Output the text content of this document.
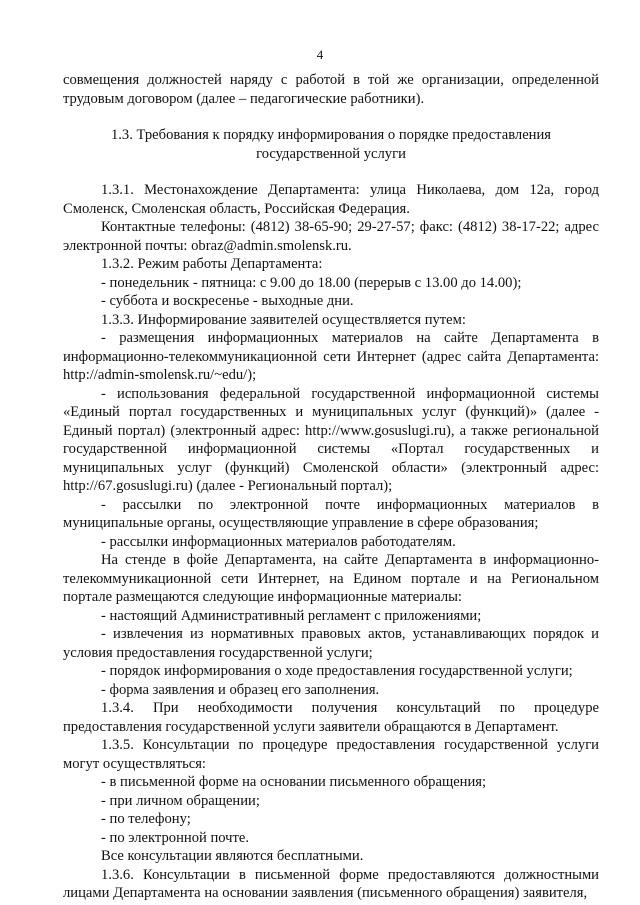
4

совмещения должностей наряду с работой в той же организации, определенной трудовым договором (далее – педагогические работники).

1.3. Требования к порядку информирования о порядке предоставления государственной услуги

1.3.1. Местонахождение Департамента: улица Николаева, дом 12а, город Смоленск, Смоленская область, Российская Федерация.

Контактные телефоны: (4812) 38-65-90; 29-27-57; факс: (4812) 38-17-22; адрес электронной почты: obraz@admin.smolensk.ru.

1.3.2. Режим работы Департамента:

- понедельник - пятница: с 9.00 до 18.00 (перерыв с 13.00 до 14.00);

- суббота и воскресенье - выходные дни.

1.3.3. Информирование заявителей осуществляется путем:

- размещения информационных материалов на сайте Департамента в информационно-телекоммуникационной сети Интернет (адрес сайта Департамента: http://admin-smolensk.ru/~edu/);

- использования федеральной государственной информационной системы «Единый портал государственных и муниципальных услуг (функций)» (далее - Единый портал) (электронный адрес: http://www.gosuslugi.ru), а также региональной государственной информационной системы «Портал государственных и муниципальных услуг (функций) Смоленской области» (электронный адрес: http://67.gosuslugi.ru) (далее - Региональный портал);

- рассылки по электронной почте информационных материалов в муниципальные органы, осуществляющие управление в сфере образования;

- рассылки информационных материалов работодателям.

На стенде в фойе Департамента, на сайте Департамента в информационно-телекоммуникационной сети Интернет, на Едином портале и на Региональном портале размещаются следующие информационные материалы:

- настоящий Административный регламент с приложениями;

- извлечения из нормативных правовых актов, устанавливающих порядок и условия предоставления государственной услуги;

- порядок информирования о ходе предоставления государственной услуги;

- форма заявления и образец его заполнения.

1.3.4. При необходимости получения консультаций по процедуре предоставления государственной услуги заявители обращаются в Департамент.

1.3.5. Консультации по процедуре предоставления государственной услуги могут осуществляться:

- в письменной форме на основании письменного обращения;

- при личном обращении;

- по телефону;

- по электронной почте.

Все консультации являются бесплатными.

1.3.6. Консультации в письменной форме предоставляются должностными лицами Департамента на основании заявления (письменного обращения) заявителя,
